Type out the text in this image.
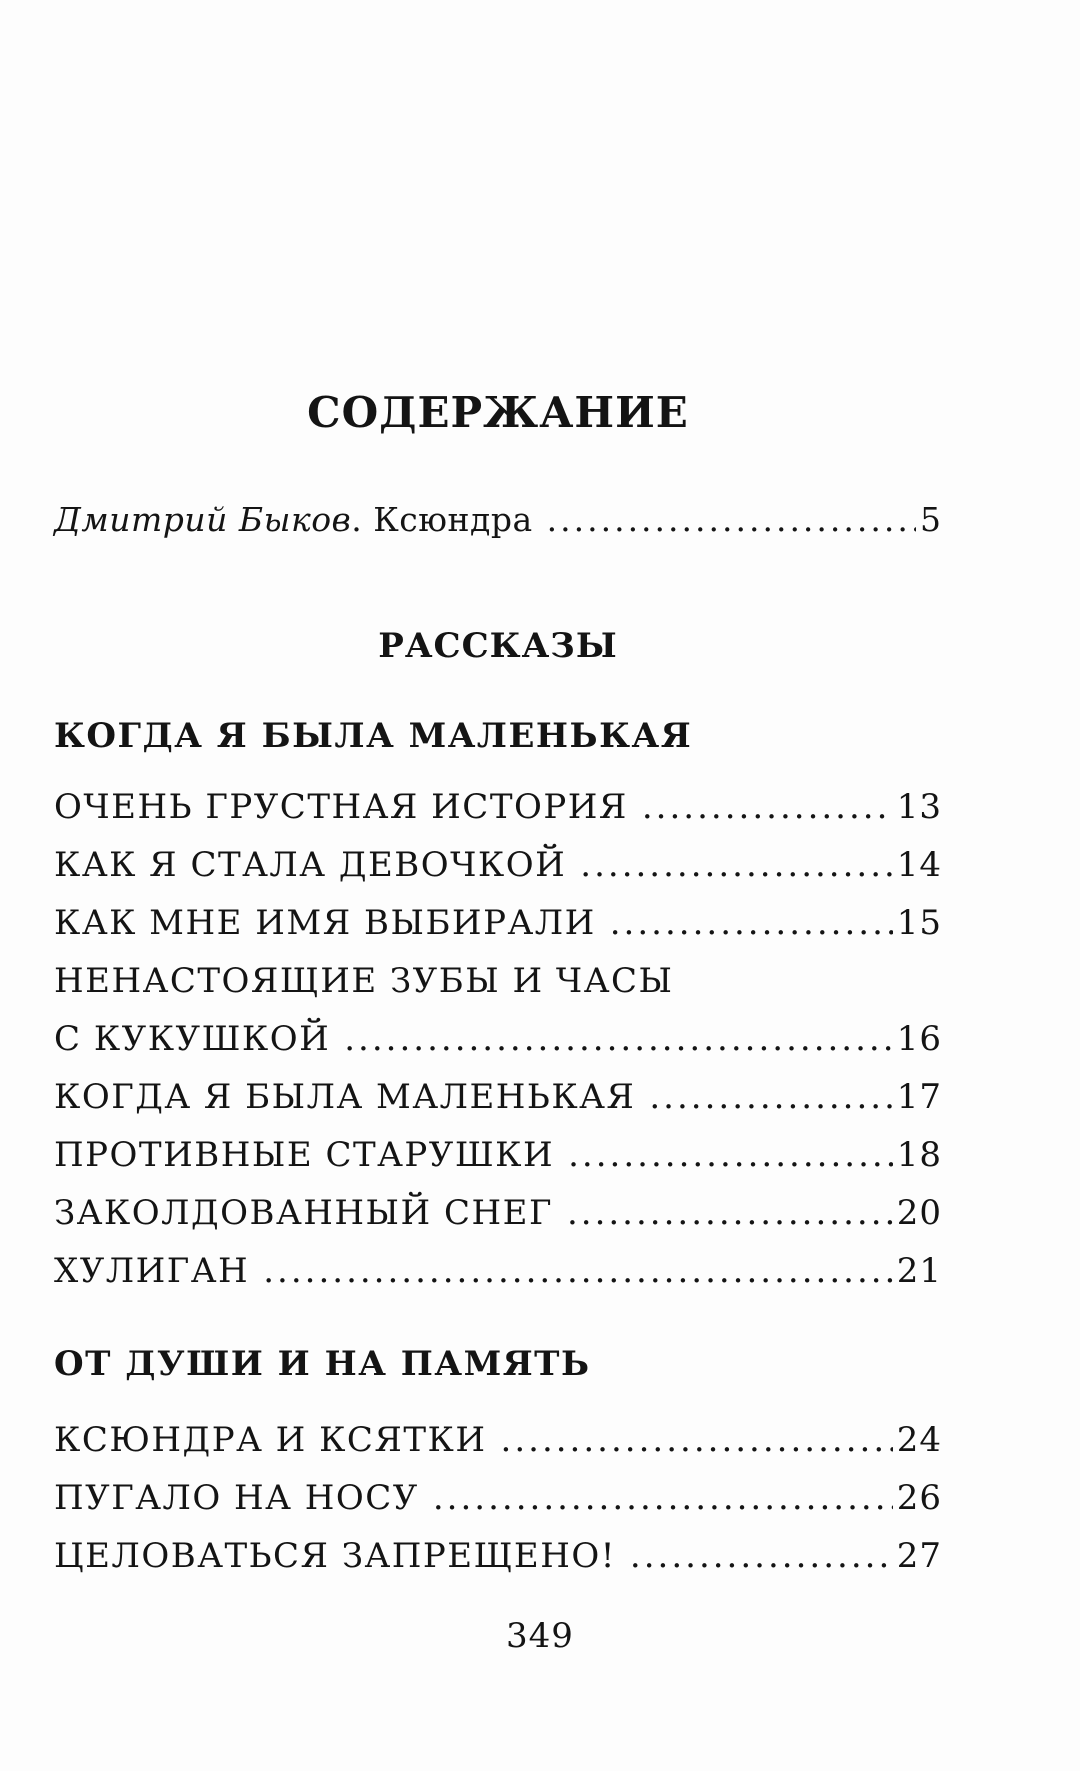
СОДЕРЖАНИЕ
Дмитрий Быков. Ксюндра .....	5
РАССКАЗЫ
КОГДА Я БЫЛА МАЛЕНЬКАЯ
ОЧЕНЬ ГРУСТНАЯ ИСТОРИЯ .....	13
КАК Я СТАЛА ДЕВОЧКОЙ .....	14
КАК МНЕ ИМЯ ВЫБИРАЛИ .....	15
НЕНАСТОЯЩИЕ ЗУБЫ И ЧАСЫ
С КУКУШКОЙ .....	16
КОГДА Я БЫЛА МАЛЕНЬКАЯ .....	17
ПРОТИВНЫЕ СТАРУШКИ .....	18
ЗАКОЛДОВАННЫЙ СНЕГ .....	20
ХУЛИГАН .....	21
ОТ ДУШИ И НА ПАМЯТЬ
КСЮНДРА И КСЯТКИ .....	24
ПУГАЛО НА НОСУ .....	26
ЦЕЛОВАТЬСЯ ЗАПРЕЩЕНО! .....	27
349
